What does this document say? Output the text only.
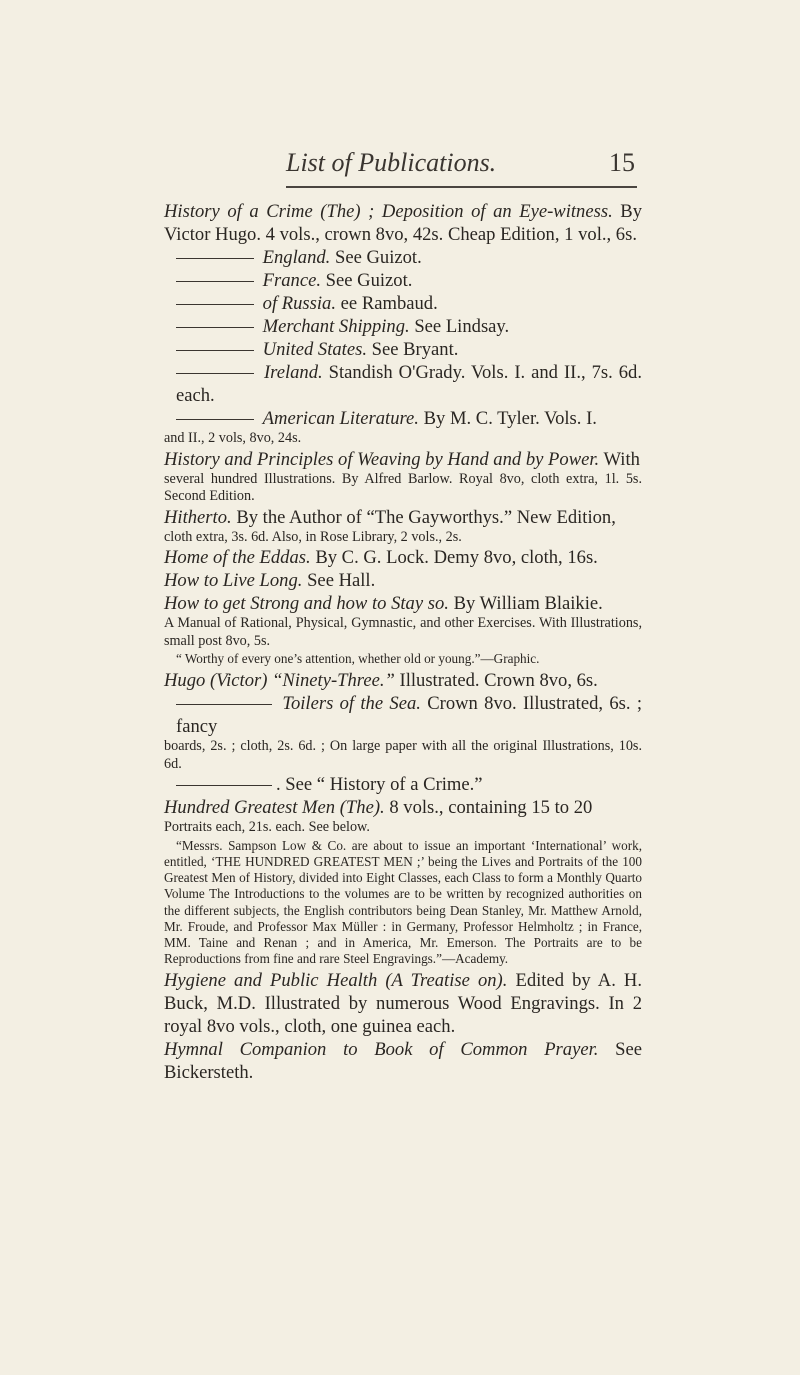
List of Publications.	15

History of a Crime (The) ; Deposition of an Eye-witness. By Victor Hugo. 4 vols., crown 8vo, 42s. Cheap Edition, 1 vol., 6s.

England. See Guizot.

France. See Guizot.

of Russia. ee Rambaud.

Merchant Shipping. See Lindsay.

United States. See Bryant.

Ireland. Standish O'Grady. Vols. I. and II., 7s. 6d. each.

American Literature. By M. C. Tyler. Vols. I.

and II., 2 vols, 8vo, 24s.

History and Principles of Weaving by Hand and by Power. With

several hundred Illustrations. By Alfred Barlow. Royal 8vo, cloth extra, 1l. 5s. Second Edition.

Hitherto. By the Author of “The Gayworthys.” New Edition,

cloth extra, 3s. 6d. Also, in Rose Library, 2 vols., 2s.

Home of the Eddas. By C. G. Lock. Demy 8vo, cloth, 16s.

How to Live Long. See Hall.

How to get Strong and how to Stay so. By William Blaikie.

A Manual of Rational, Physical, Gymnastic, and other Exercises. With Illustrations, small post 8vo, 5s.

“ Worthy of every one’s attention, whether old or young.”—Graphic.

Hugo (Victor) “Ninety-Three.” Illustrated. Crown 8vo, 6s.

Toilers of the Sea. Crown 8vo. Illustrated, 6s. ; fancy

boards, 2s. ; cloth, 2s. 6d. ; On large paper with all the original Illustrations, 10s. 6d.

. See “ History of a Crime.”

Hundred Greatest Men (The). 8 vols., containing 15 to 20

Portraits each, 21s. each. See below.

“Messrs. Sampson Low & Co. are about to issue an important ‘International’ work, entitled, ‘THE HUNDRED GREATEST MEN ;’ being the Lives and Portraits of the 100 Greatest Men of History, divided into Eight Classes, each Class to form a Monthly Quarto Volume The Introductions to the volumes are to be written by recognized authorities on the different subjects, the English contributors being Dean Stanley, Mr. Matthew Arnold, Mr. Froude, and Professor Max Müller : in Germany, Professor Helmholtz ; in France, MM. Taine and Renan ; and in America, Mr. Emerson. The Portraits are to be Reproductions from fine and rare Steel Engravings.”—Academy.

Hygiene and Public Health (A Treatise on). Edited by A. H. Buck, M.D. Illustrated by numerous Wood Engravings. In 2 royal 8vo vols., cloth, one guinea each.

Hymnal Companion to Book of Common Prayer. See Bickersteth.
